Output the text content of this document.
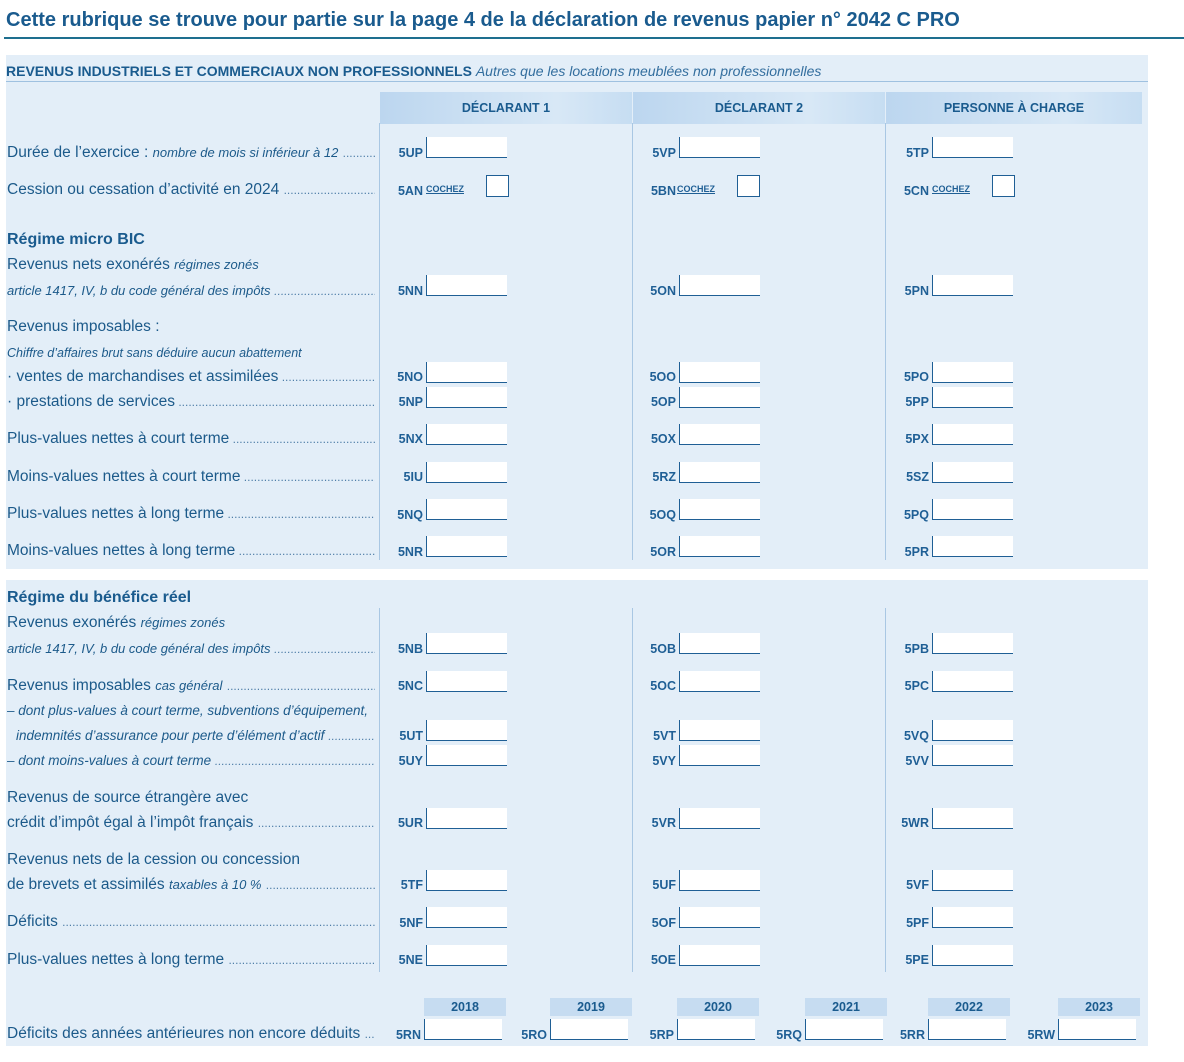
Cette rubrique se trouve pour partie sur la page 4 de la déclaration de revenus papier n° 2042 C PRO
REVENUS INDUSTRIELS ET COMMERCIAUX NON PROFESSIONNELS Autres que les locations meublées non professionnelles
DÉCLARANT 1	DÉCLARANT 2	PERSONNE À CHARGE
Durée de l’exercice : nombre de mois si inférieur à 12 .....	5UP	5VP	5TP
Cession ou cessation d’activité en 2024 .....	5AN COCHEZ	5BN COCHEZ	5CN COCHEZ
Régime micro BIC
Revenus nets exonérés régimes zonés
article 1417, IV, b du code général des impôts .....	5NN	5ON	5PN
Revenus imposables :
Chiffre d’affaires brut sans déduire aucun abattement
· ventes de marchandises et assimilées .....	5NO	5OO	5PO
· prestations de services .....	5NP	5OP	5PP
Plus-values nettes à court terme .....	5NX	5OX	5PX
Moins-values nettes à court terme .....	5IU	5RZ	5SZ
Plus-values nettes à long terme .....	5NQ	5OQ	5PQ
Moins-values nettes à long terme .....	5NR	5OR	5PR
Régime du bénéfice réel
Revenus exonérés régimes zonés
article 1417, IV, b du code général des impôts .....	5NB	5OB	5PB
Revenus imposables cas général .....	5NC	5OC	5PC
– dont plus-values à court terme, subventions d’équipement,
indemnités d’assurance pour perte d’élément d’actif .....	5UT	5VT	5VQ
– dont moins-values à court terme .....	5UY	5VY	5VV
Revenus de source étrangère avec
crédit d’impôt égal à l’impôt français .....	5UR	5VR	5WR
Revenus nets de la cession ou concession
de brevets et assimilés taxables à 10 % .....	5TF	5UF	5VF
Déficits .....	5NF	5OF	5PF
Plus-values nettes à long terme .....	5NE	5OE	5PE
2018	2019	2020	2021	2022	2023
Déficits des années antérieures non encore déduits .....	5RN	5RO	5RP	5RQ	5RR	5RW
